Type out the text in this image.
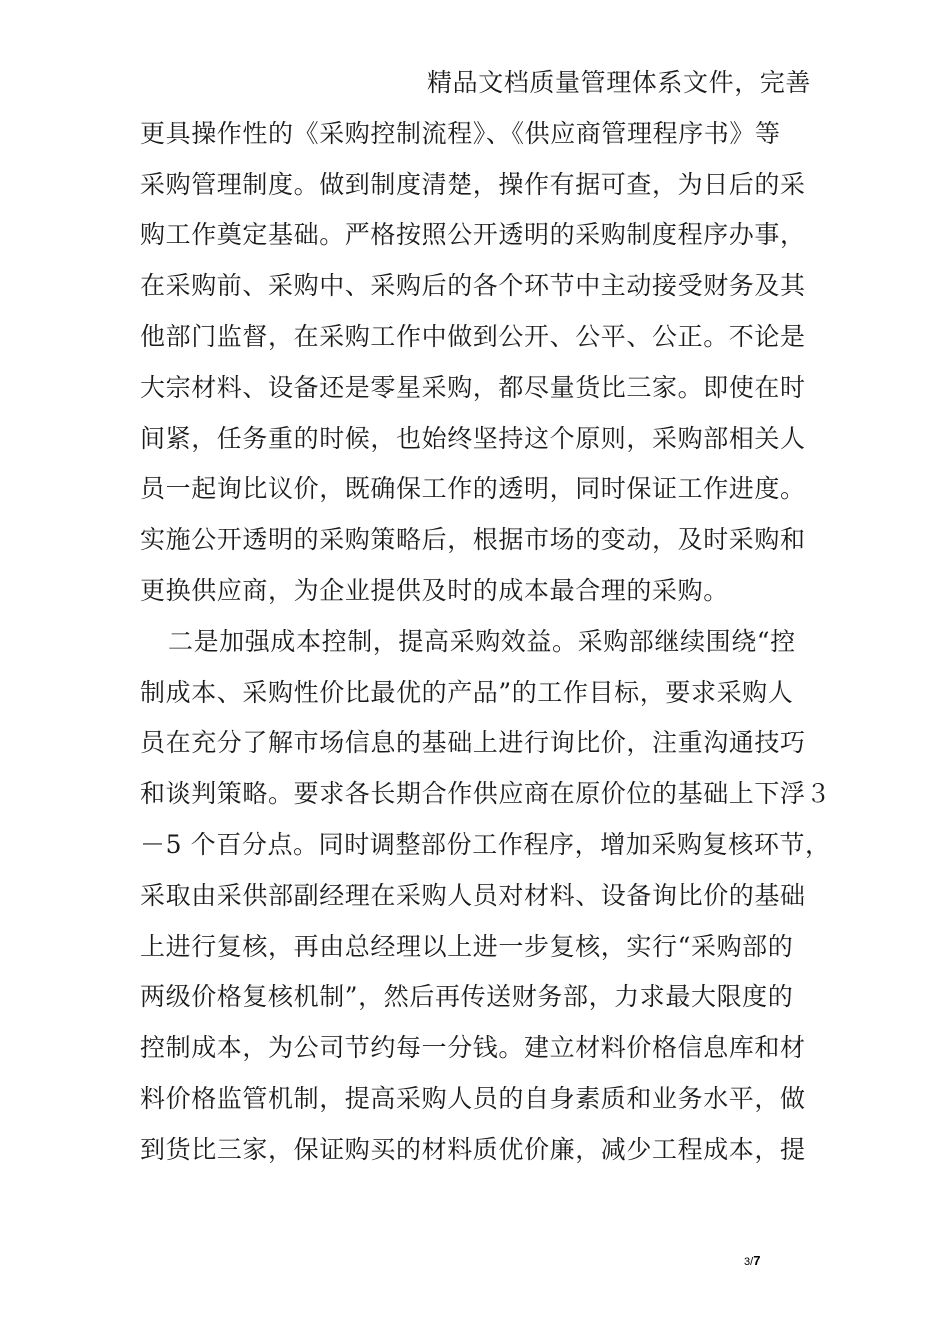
精品文档质量管理体系文件，完善
更具操作性的《采购控制流程》、《供应商管理程序书》等
采购管理制度。做到制度清楚，操作有据可查，为日后的采
购工作奠定基础。严格按照公开透明的采购制度程序办事，
在采购前、采购中、采购后的各个环节中主动接受财务及其
他部门监督，在采购工作中做到公开、公平、公正。不论是
大宗材料、设备还是零星采购，都尽量货比三家。即使在时
间紧，任务重的时候，也始终坚持这个原则，采购部相关人
员一起询比议价，既确保工作的透明，同时保证工作进度。
实施公开透明的采购策略后，根据市场的变动，及时采购和
更换供应商，为企业提供及时的成本最合理的采购。
二是加强成本控制，提高采购效益。采购部继续围绕“控
制成本、采购性价比最优的产品”的工作目标，要求采购人
员在充分了解市场信息的基础上进行询比价，注重沟通技巧
和谈判策略。要求各长期合作供应商在原价位的基础上下浮３
－5 个百分点。同时调整部份工作程序，增加采购复核环节，
采取由采供部副经理在采购人员对材料、设备询比价的基础
上进行复核，再由总经理以上进一步复核，实行“采购部的
两级价格复核机制”，然后再传送财务部，力求最大限度的
控制成本，为公司节约每一分钱。建立材料价格信息库和材
料价格监管机制，提高采购人员的自身素质和业务水平，做
到货比三家，保证购买的材料质优价廉，减少工程成本，提
3/7
